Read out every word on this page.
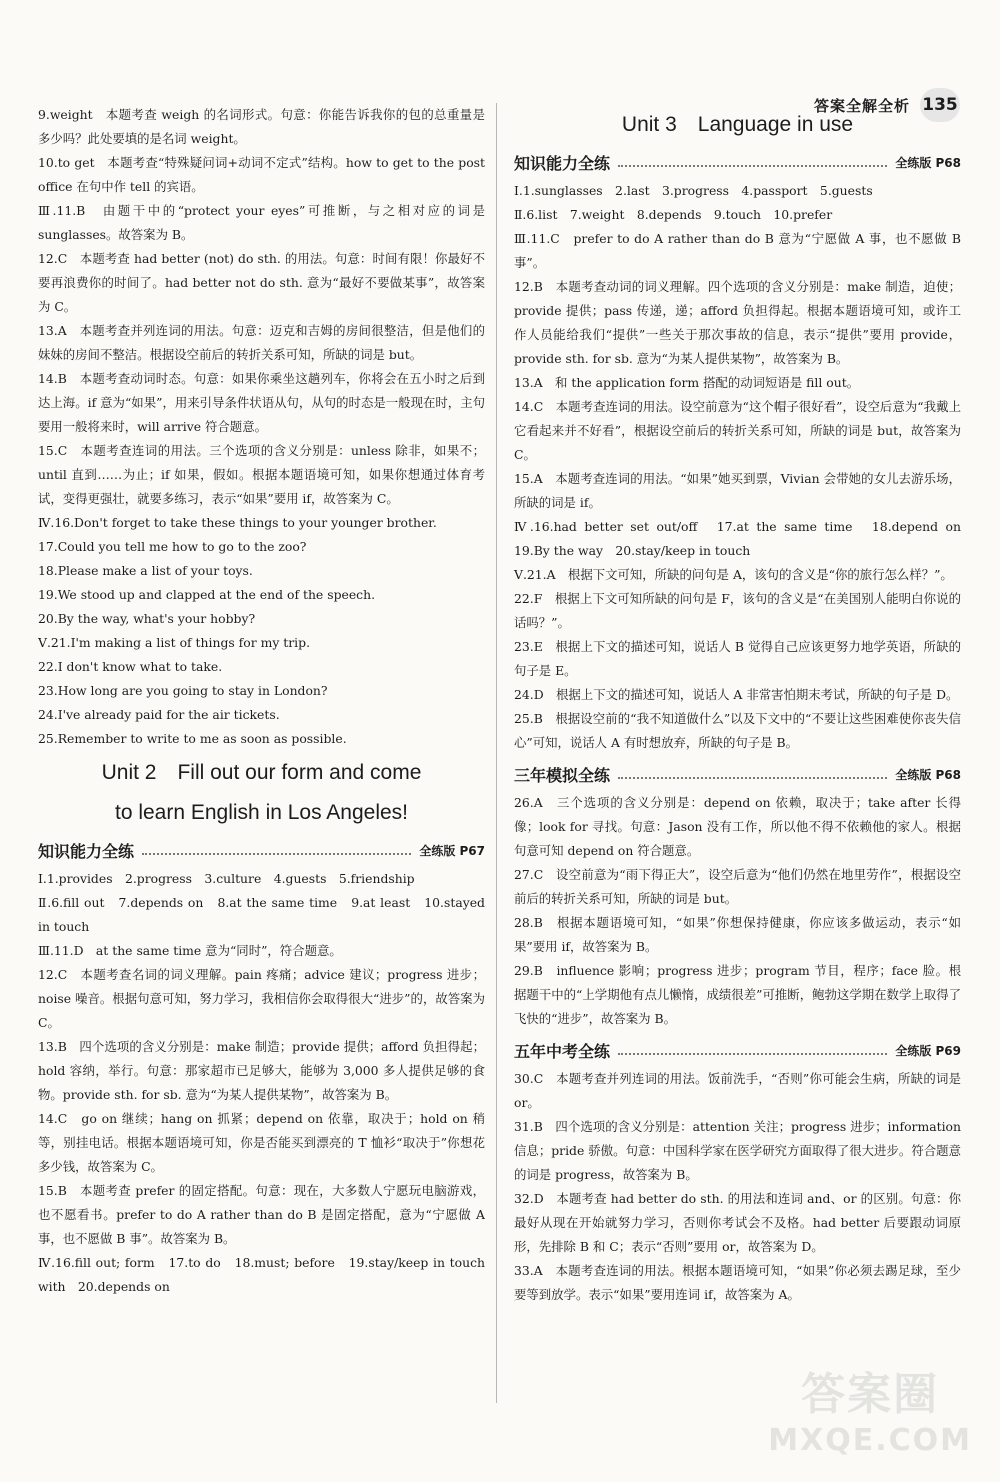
答案全解全析 135

9.weight　本题考查 weigh 的名词形式。句意：你能告诉我你的包的总重量是多少吗？此处要填的是名词 weight。

10.to get　本题考查“特殊疑问词+动词不定式”结构。how to get to the post office 在句中作 tell 的宾语。

Ⅲ.11.B　由题干中的“protect your eyes”可推断，与之相对应的词是 sunglasses。故答案为 B。

12.C　本题考查 had better (not) do sth. 的用法。句意：时间有限！你最好不要再浪费你的时间了。had better not do sth. 意为“最好不要做某事”，故答案为 C。

13.A　本题考查并列连词的用法。句意：迈克和吉姆的房间很整洁，但是他们的妹妹的房间不整洁。根据设空前后的转折关系可知，所缺的词是 but。

14.B　本题考查动词时态。句意：如果你乘坐这趟列车，你将会在五小时之后到达上海。if 意为“如果”，用来引导条件状语从句，从句的时态是一般现在时，主句要用一般将来时，will arrive 符合题意。

15.C　本题考查连词的用法。三个选项的含义分别是：unless 除非，如果不；until 直到……为止；if 如果，假如。根据本题语境可知，如果你想通过体育考试，变得更强壮，就要多练习，表示“如果”要用 if，故答案为 C。

Ⅳ.16.Don't forget to take these things to your younger brother.

17.Could you tell me how to go to the zoo?

18.Please make a list of your toys.

19.We stood up and clapped at the end of the speech.

20.By the way, what's your hobby?

Ⅴ.21.I'm making a list of things for my trip.

22.I don't know what to take.

23.How long are you going to stay in London?

24.I've already paid for the air tickets.

25.Remember to write to me as soon as possible.

Unit 2　Fill out our form and come
to learn English in Los Angeles!
知识能力全练	全练版 P67

Ⅰ.1.provides　2.progress　3.culture　4.guests　5.friendship

Ⅱ.6.fill out　7.depends on　8.at the same time　9.at least　10.stayed in touch

Ⅲ.11.D　at the same time 意为“同时”，符合题意。

12.C　本题考查名词的词义理解。pain 疼痛；advice 建议；progress 进步；noise 噪音。根据句意可知，努力学习，我相信你会取得很大“进步”的，故答案为 C。

13.B　四个选项的含义分别是：make 制造；provide 提供；afford 负担得起；hold 容纳，举行。句意：那家超市已足够大，能够为 3,000 多人提供足够的食物。provide sth. for sb. 意为“为某人提供某物”，故答案为 B。

14.C　go on 继续；hang on 抓紧；depend on 依靠，取决于；hold on 稍等，别挂电话。根据本题语境可知，你是否能买到漂亮的 T 恤衫“取决于”你想花多少钱，故答案为 C。

15.B　本题考查 prefer 的固定搭配。句意：现在，大多数人宁愿玩电脑游戏，也不愿看书。prefer to do A rather than do B 是固定搭配，意为“宁愿做 A 事，也不愿做 B 事”。故答案为 B。

Ⅳ.16.fill out; form　17.to do　18.must; before　19.stay/keep in touch with　20.depends on

Unit 3　Language in use
知识能力全练	全练版 P68

Ⅰ.1.sunglasses　2.last　3.progress　4.passport　5.guests

Ⅱ.6.list　7.weight　8.depends　9.touch　10.prefer

Ⅲ.11.C　prefer to do A rather than do B 意为“宁愿做 A 事，也不愿做 B 事”。

12.B　本题考查动词的词义理解。四个选项的含义分别是：make 制造，迫使；provide 提供；pass 传递，递；afford 负担得起。根据本题语境可知，或许工作人员能给我们“提供”一些关于那次事故的信息，表示“提供”要用 provide，provide sth. for sb. 意为“为某人提供某物”，故答案为 B。

13.A　和 the application form 搭配的动词短语是 fill out。

14.C　本题考查连词的用法。设空前意为“这个帽子很好看”，设空后意为“我戴上它看起来并不好看”，根据设空前后的转折关系可知，所缺的词是 but，故答案为 C。

15.A　本题考查连词的用法。“如果”她买到票，Vivian 会带她的女儿去游乐场，所缺的词是 if。

Ⅳ.16.had better set out/off　17.at the same time　18.depend on　19.By the way　20.stay/keep in touch

Ⅴ.21.A　根据下文可知，所缺的问句是 A，该句的含义是“你的旅行怎么样？”。

22.F　根据上下文可知所缺的问句是 F，该句的含义是“在美国别人能明白你说的话吗？”。

23.E　根据上下文的描述可知，说话人 B 觉得自己应该更努力地学英语，所缺的句子是 E。

24.D　根据上下文的描述可知，说话人 A 非常害怕期末考试，所缺的句子是 D。

25.B　根据设空前的“我不知道做什么”以及下文中的“不要让这些困难使你丧失信心”可知，说话人 A 有时想放弃，所缺的句子是 B。

三年模拟全练	全练版 P68

26.A　三个选项的含义分别是：depend on 依赖，取决于；take after 长得像；look for 寻找。句意：Jason 没有工作，所以他不得不依赖他的家人。根据句意可知 depend on 符合题意。

27.C　设空前意为“雨下得正大”，设空后意为“他们仍然在地里劳作”，根据设空前后的转折关系可知，所缺的词是 but。

28.B　根据本题语境可知，“如果”你想保持健康，你应该多做运动，表示“如果”要用 if，故答案为 B。

29.B　influence 影响；progress 进步；program 节目，程序；face 脸。根据题干中的“上学期他有点儿懒惰，成绩很差”可推断，鲍勃这学期在数学上取得了飞快的“进步”，故答案为 B。

五年中考全练	全练版 P69

30.C　本题考查并列连词的用法。饭前洗手，“否则”你可能会生病，所缺的词是 or。

31.B　四个选项的含义分别是：attention 关注；progress 进步；information 信息；pride 骄傲。句意：中国科学家在医学研究方面取得了很大进步。符合题意的词是 progress，故答案为 B。

32.D　本题考查 had better do sth. 的用法和连词 and、or 的区别。句意：你最好从现在开始就努力学习，否则你考试会不及格。had better 后要跟动词原形，先排除 B 和 C；表示“否则”要用 or，故答案为 D。

33.A　本题考查连词的用法。根据本题语境可知，“如果”你必须去踢足球，至少要等到放学。表示“如果”要用连词 if，故答案为 A。

答案圈
MXQE.COM
